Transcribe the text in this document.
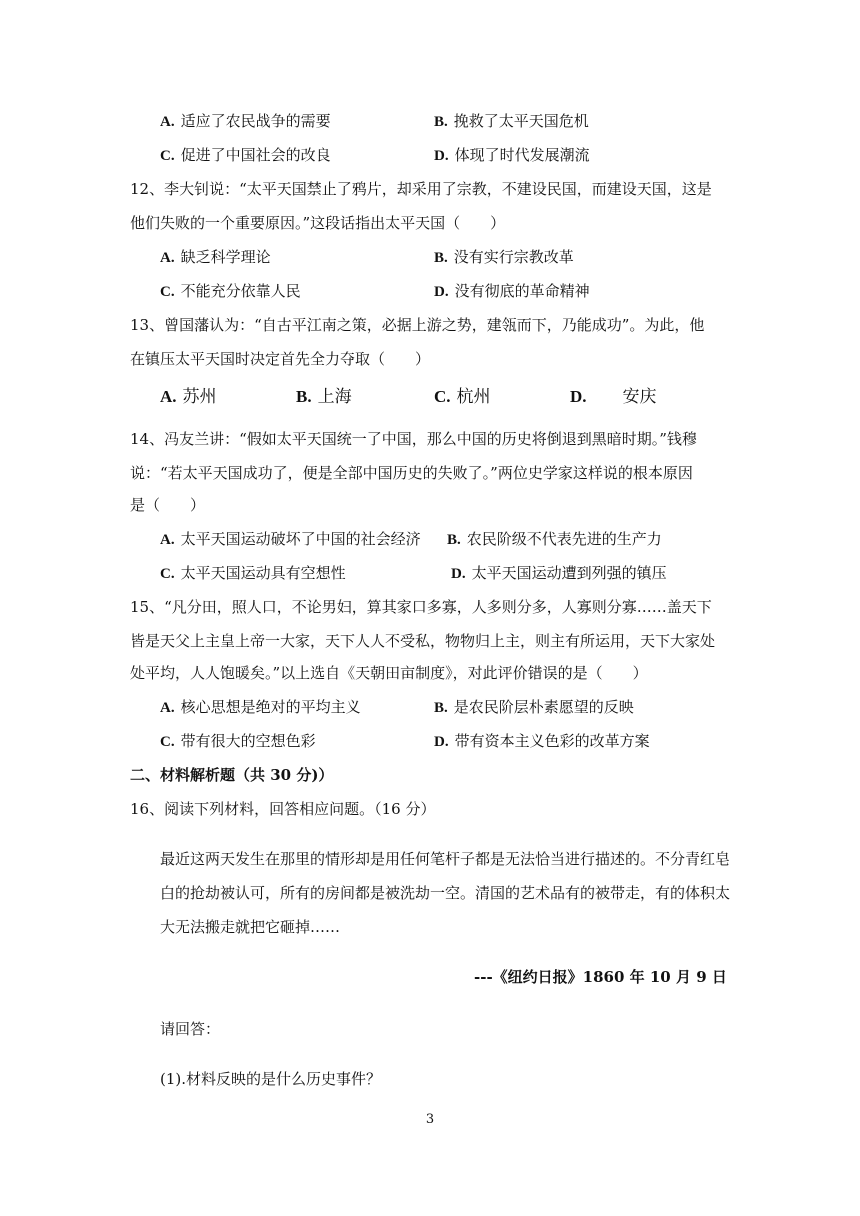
A. 适应了农民战争的需要	B. 挽救了太平天国危机
C. 促进了中国社会的改良	D. 体现了时代发展潮流
12、李大钊说：“太平天国禁止了鸦片，却采用了宗教，不建设民国，而建设天国，这是
他们失败的一个重要原因。”这段话指出太平天国（　　）
A. 缺乏科学理论	B. 没有实行宗教改革
C. 不能充分依靠人民	D. 没有彻底的革命精神
13、曾国藩认为：“自古平江南之策，必据上游之势，建瓴而下，乃能成功”。为此，他
在镇压太平天国时决定首先全力夺取（　　）
A. 苏州	B. 上海	C. 杭州	D. 安庆
14、冯友兰讲：“假如太平天国统一了中国，那么中国的历史将倒退到黑暗时期。”钱穆
说：“若太平天国成功了，便是全部中国历史的失败了。”两位史学家这样说的根本原因
是（　　）
A. 太平天国运动破坏了中国的社会经济 B. 农民阶级不代表先进的生产力
C. 太平天国运动具有空想性	D. 太平天国运动遭到列强的镇压
15、“凡分田，照人口，不论男妇，算其家口多寡，人多则分多，人寡则分寡……盖天下
皆是天父上主皇上帝一大家，天下人人不受私，物物归上主，则主有所运用，天下大家处
处平均，人人饱暖矣。”以上选自《天朝田亩制度》，对此评价错误的是（　　）
A. 核心思想是绝对的平均主义	B. 是农民阶层朴素愿望的反映
C. 带有很大的空想色彩	D. 带有资本主义色彩的改革方案
二、材料解析题（共 30 分)）
16、阅读下列材料，回答相应问题。（16 分）
最近这两天发生在那里的情形却是用任何笔杆子都是无法恰当进行描述的。不分青红皂白的抢劫被认可，所有的房间都是被洗劫一空。清国的艺术品有的被带走，有的体积太大无法搬走就把它砸掉……
---《纽约日报》1860 年 10 月 9 日
请回答：
(1).材料反映的是什么历史事件？
3
